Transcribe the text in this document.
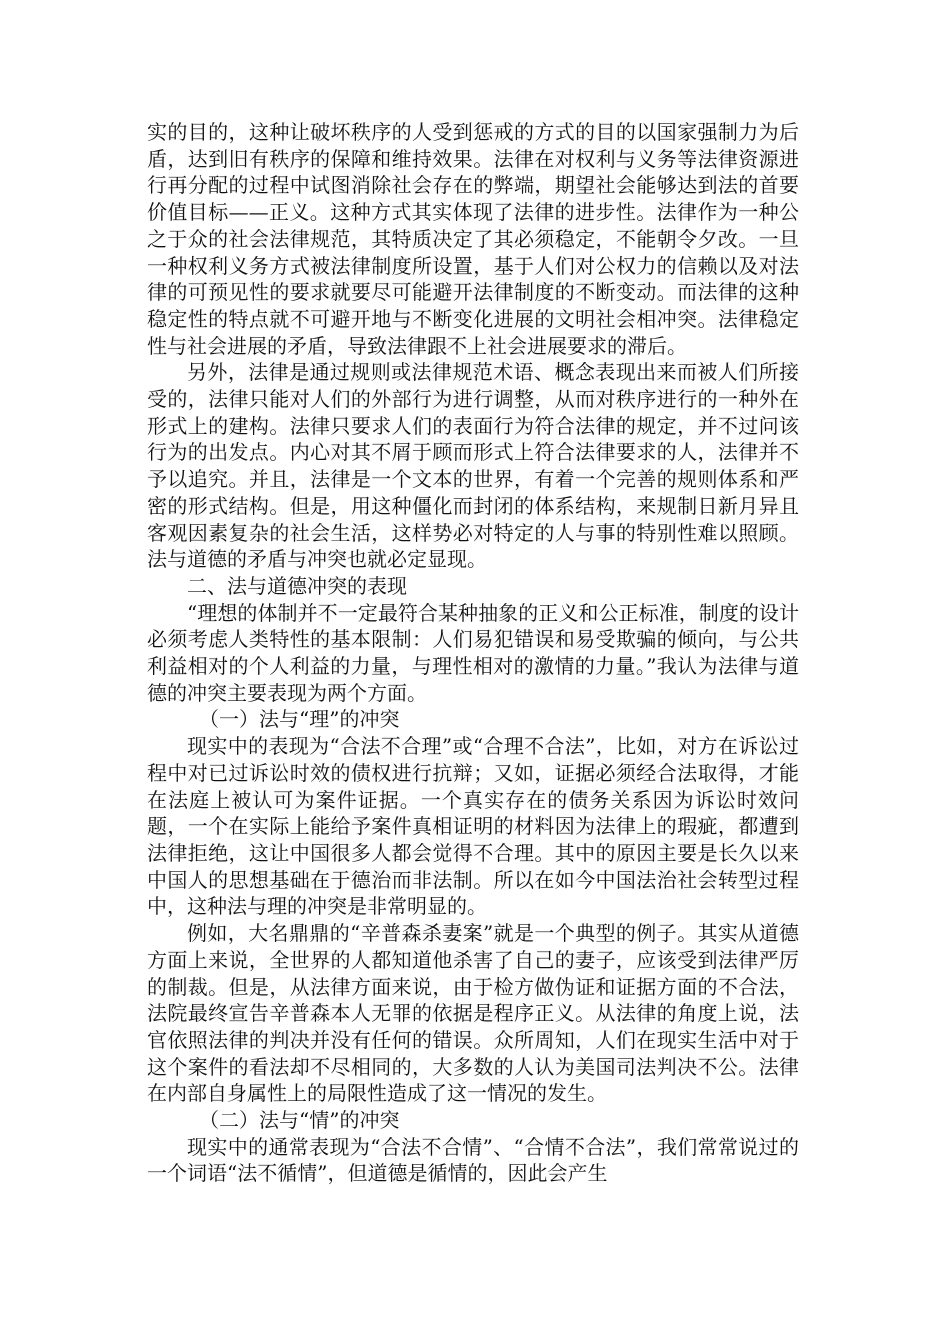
实的目的，这种让破坏秩序的人受到惩戒的方式的目的以国家强制力为后盾，达到旧有秩序的保障和维持效果。法律在对权利与义务等法律资源进行再分配的过程中试图消除社会存在的弊端，期望社会能够达到法的首要价值目标——正义。这种方式其实体现了法律的进步性。法律作为一种公之于众的社会法律规范，其特质决定了其必须稳定，不能朝令夕改。一旦一种权利义务方式被法律制度所设置，基于人们对公权力的信赖以及对法律的可预见性的要求就要尽可能避开法律制度的不断变动。而法律的这种稳定性的特点就不可避开地与不断变化进展的文明社会相冲突。法律稳定性与社会进展的矛盾，导致法律跟不上社会进展要求的滞后。

另外，法律是通过规则或法律规范术语、概念表现出来而被人们所接受的，法律只能对人们的外部行为进行调整，从而对秩序进行的一种外在形式上的建构。法律只要求人们的表面行为符合法律的规定，并不过问该行为的出发点。内心对其不屑于顾而形式上符合法律要求的人，法律并不予以追究。并且，法律是一个文本的世界，有着一个完善的规则体系和严密的形式结构。但是，用这种僵化而封闭的体系结构，来规制日新月异且客观因素复杂的社会生活，这样势必对特定的人与事的特别性难以照顾。法与道德的矛盾与冲突也就必定显现。

二、法与道德冲突的表现

“理想的体制并不一定最符合某种抽象的正义和公正标准，制度的设计必须考虑人类特性的基本限制：人们易犯错误和易受欺骗的倾向，与公共利益相对的个人利益的力量，与理性相对的激情的力量。”我认为法律与道德的冲突主要表现为两个方面。

（一）法与“理”的冲突

现实中的表现为“合法不合理”或“合理不合法”，比如，对方在诉讼过程中对已过诉讼时效的债权进行抗辩；又如，证据必须经合法取得，才能在法庭上被认可为案件证据。一个真实存在的债务关系因为诉讼时效问题，一个在实际上能给予案件真相证明的材料因为法律上的瑕疵，都遭到法律拒绝，这让中国很多人都会觉得不合理。其中的原因主要是长久以来中国人的思想基础在于德治而非法制。所以在如今中国法治社会转型过程中，这种法与理的冲突是非常明显的。

例如，大名鼎鼎的“辛普森杀妻案”就是一个典型的例子。其实从道德方面上来说，全世界的人都知道他杀害了自己的妻子，应该受到法律严厉的制裁。但是，从法律方面来说，由于检方做伪证和证据方面的不合法，法院最终宣告辛普森本人无罪的依据是程序正义。从法律的角度上说，法官依照法律的判决并没有任何的错误。众所周知，人们在现实生活中对于这个案件的看法却不尽相同的，大多数的人认为美国司法判决不公。法律在内部自身属性上的局限性造成了这一情况的发生。

（二）法与“情”的冲突

现实中的通常表现为“合法不合情”、“合情不合法”，我们常常说过的一个词语“法不循情”，但道德是循情的，因此会产生
